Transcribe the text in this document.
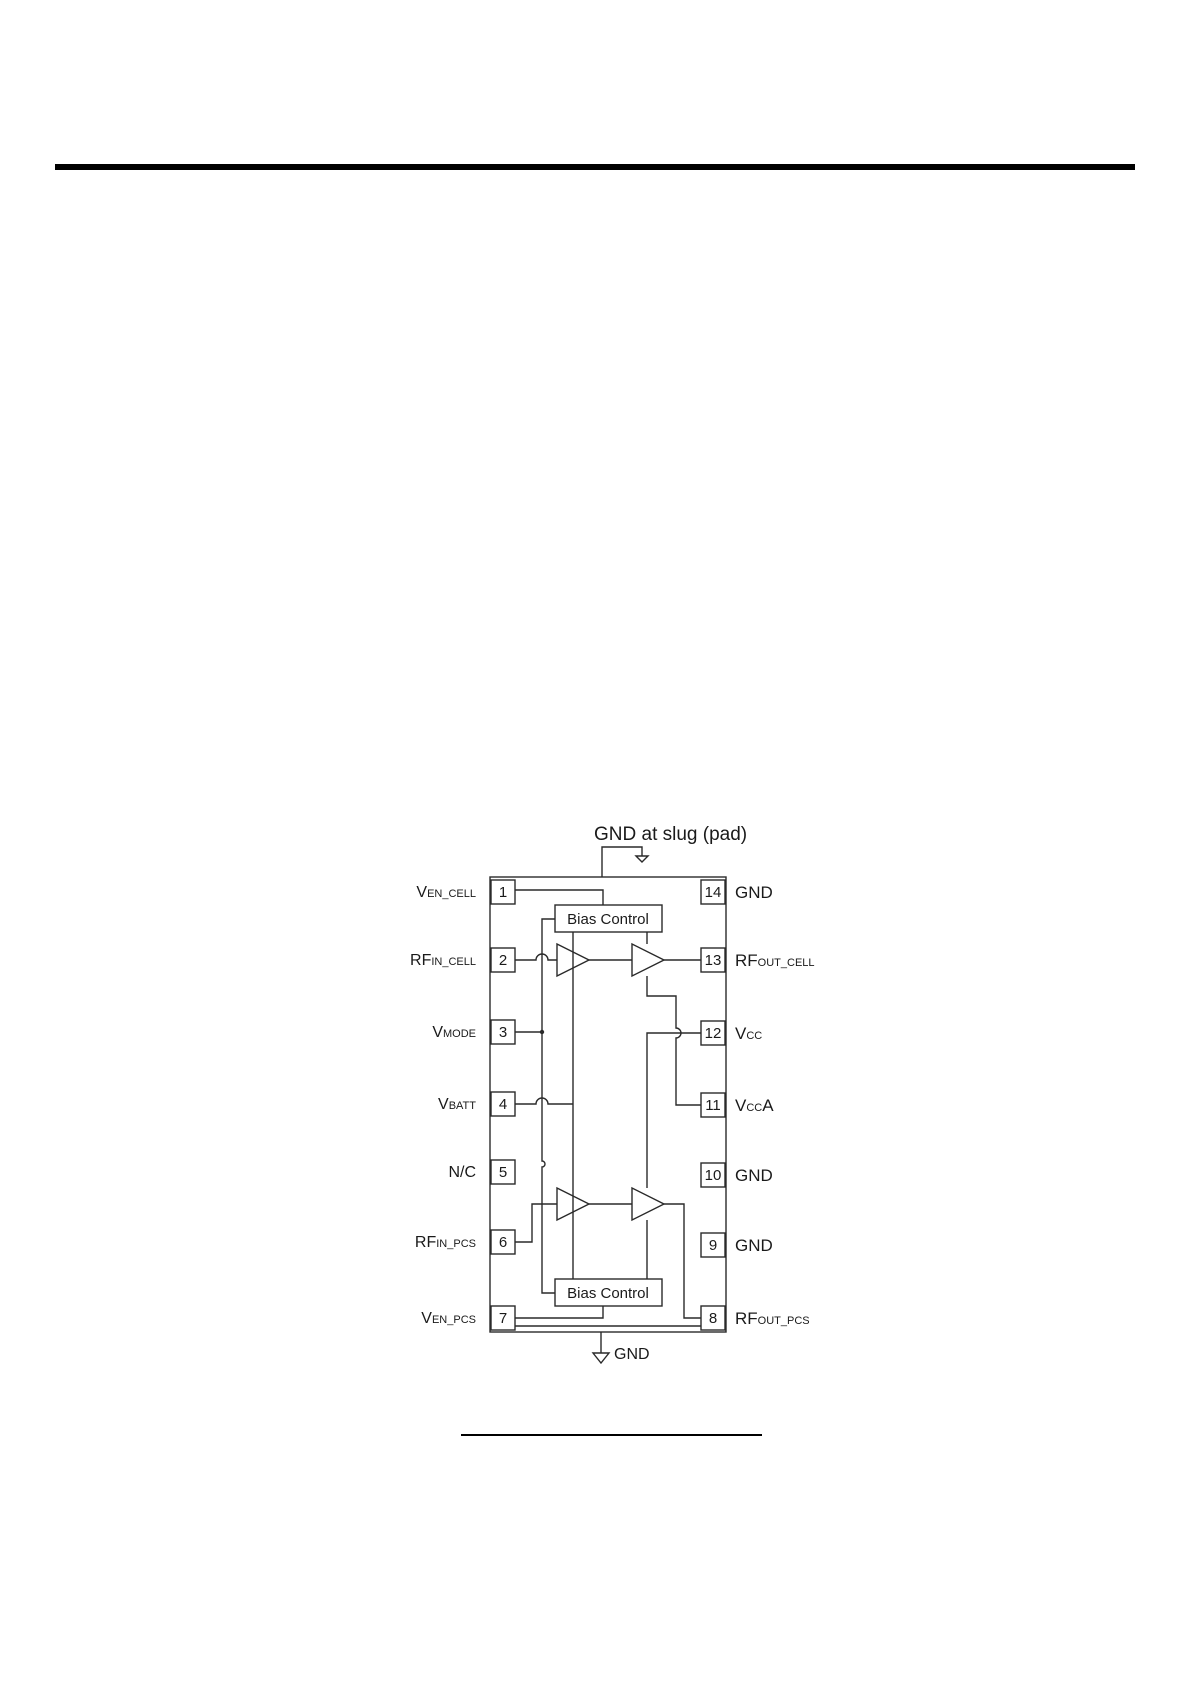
GND at slug (pad)
GND
Bias Control
Bias Control
1
VEN_CELL
2
RFIN_CELL
3
VMODE
4
VBATT
5
N/C
6
RFIN_PCS
7
VEN_PCS
14 GND
13 RFOUT_CELL
12 VCC
11 VCCA
10 GND
9 GND
8 RFOUT_PCS
